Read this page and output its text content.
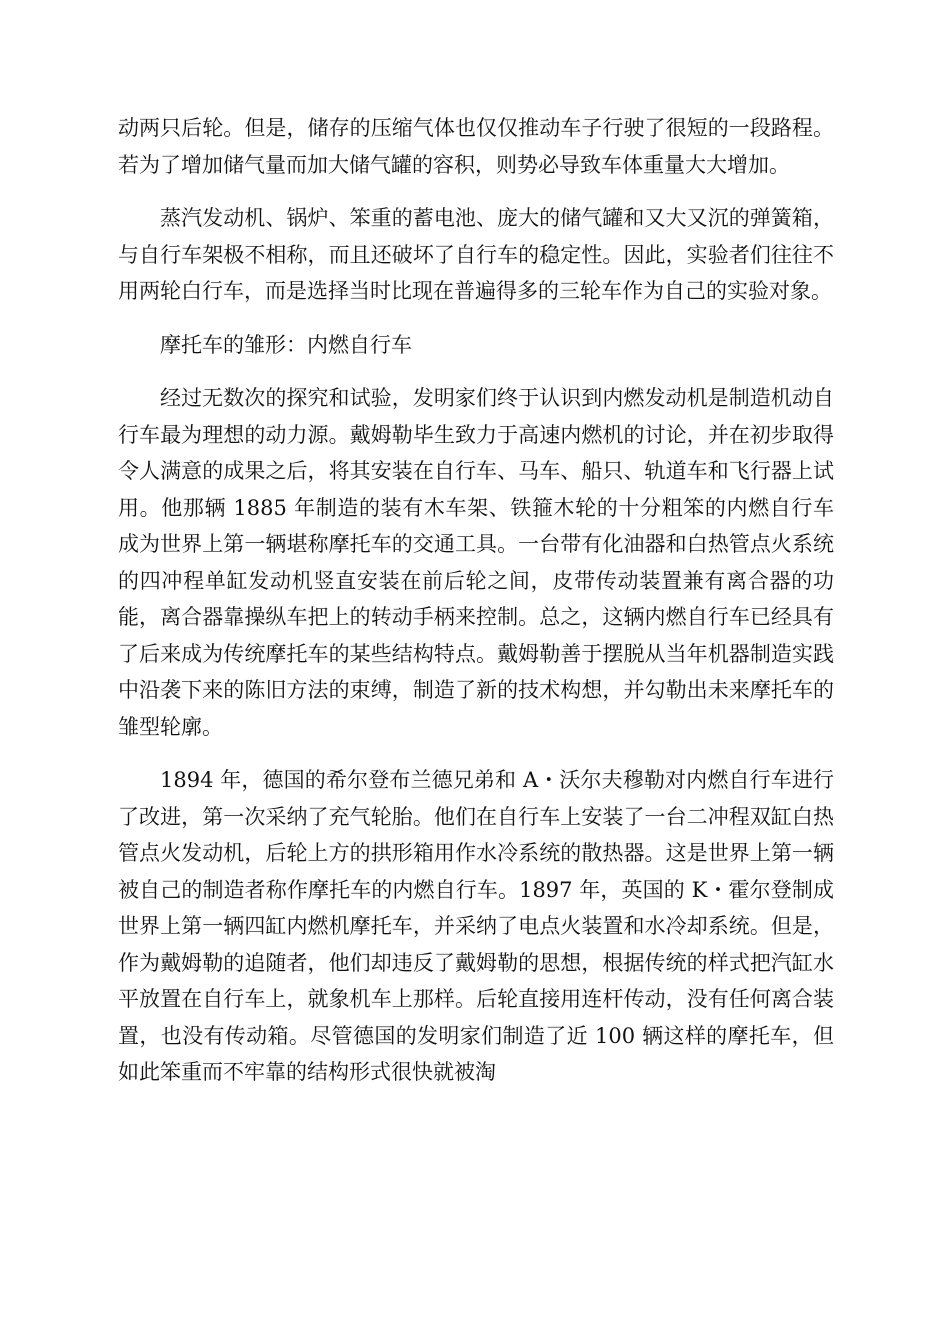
动两只后轮。但是，储存的压缩气体也仅仅推动车子行驶了很短的一段路程。若为了增加储气量而加大储气罐的容积，则势必导致车体重量大大增加。

蒸汽发动机、锅炉、笨重的蓄电池、庞大的储气罐和又大又沉的弹簧箱，与自行车架极不相称，而且还破坏了自行车的稳定性。因此，实验者们往往不用两轮白行车，而是选择当时比现在普遍得多的三轮车作为自己的实验对象。

摩托车的雏形：内燃自行车

经过无数次的探究和试验，发明家们终于认识到内燃发动机是制造机动自行车最为理想的动力源。戴姆勒毕生致力于高速内燃机的讨论，并在初步取得令人满意的成果之后，将其安装在自行车、马车、船只、轨道车和飞行器上试用。他那辆 1885 年制造的装有木车架、铁箍木轮的十分粗笨的内燃自行车成为世界上第一辆堪称摩托车的交通工具。一台带有化油器和白热管点火系统的四冲程单缸发动机竖直安装在前后轮之间，皮带传动装置兼有离合器的功能，离合器靠操纵车把上的转动手柄来控制。总之，这辆内燃自行车已经具有了后来成为传统摩托车的某些结构特点。戴姆勒善于摆脱从当年机器制造实践中沿袭下来的陈旧方法的束缚，制造了新的技术构想，并勾勒出未来摩托车的雏型轮廓。

1894 年，德国的希尔登布兰德兄弟和 A・沃尔夫穆勒对内燃自行车进行了改进，第一次采纳了充气轮胎。他们在自行车上安装了一台二冲程双缸白热管点火发动机，后轮上方的拱形箱用作水冷系统的散热器。这是世界上第一辆被自己的制造者称作摩托车的内燃自行车。1897 年，英国的 K・霍尔登制成世界上第一辆四缸内燃机摩托车，并采纳了电点火装置和水冷却系统。但是，作为戴姆勒的追随者，他们却违反了戴姆勒的思想，根据传统的样式把汽缸水平放置在自行车上，就象机车上那样。后轮直接用连杆传动，没有任何离合装置，也没有传动箱。尽管德国的发明家们制造了近 100 辆这样的摩托车，但如此笨重而不牢靠的结构形式很快就被淘
